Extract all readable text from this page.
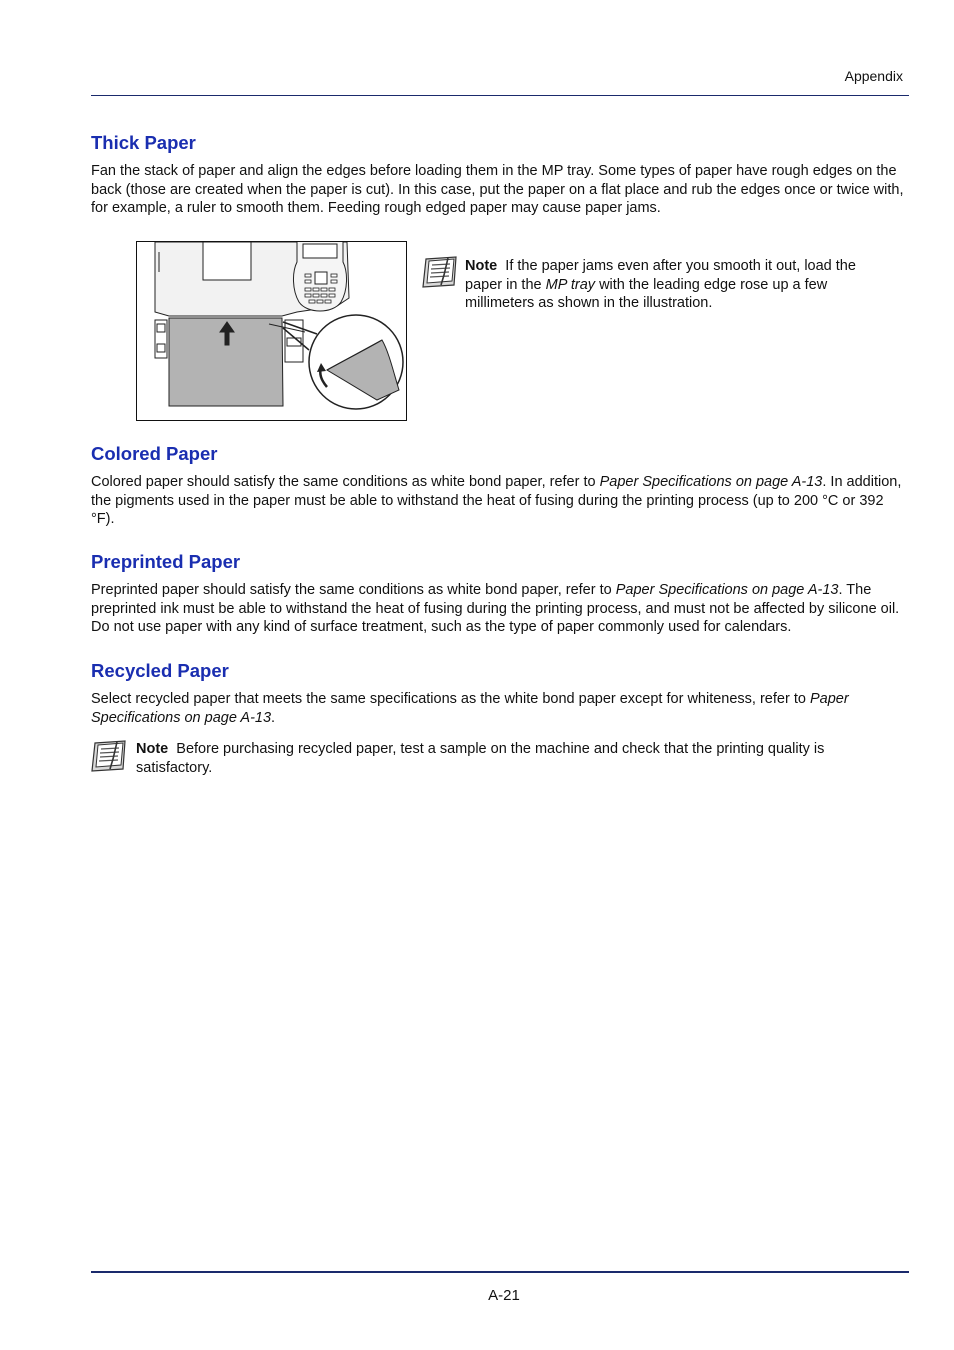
Appendix
Thick Paper

Fan the stack of paper and align the edges before loading them in the MP tray. Some types of paper have rough edges on the back (those are created when the paper is cut). In this case, put the paper on a flat place and rub the edges once or twice with, for example, a ruler to smooth them. Feeding rough edged paper may cause paper jams.

Note If the paper jams even after you smooth it out, load the paper in the MP tray with the leading edge rose up a few millimeters as shown in the illustration.

Colored Paper

Colored paper should satisfy the same conditions as white bond paper, refer to Paper Specifications on page A-13. In addition, the pigments used in the paper must be able to withstand the heat of fusing during the printing process (up to 200 °C or 392 °F).

Preprinted Paper

Preprinted paper should satisfy the same conditions as white bond paper, refer to Paper Specifications on page A-13. The preprinted ink must be able to withstand the heat of fusing during the printing process, and must not be affected by silicone oil. Do not use paper with any kind of surface treatment, such as the type of paper commonly used for calendars.

Recycled Paper

Select recycled paper that meets the same specifications as the white bond paper except for whiteness, refer to Paper Specifications on page A-13.

Note Before purchasing recycled paper, test a sample on the machine and check that the printing quality is satisfactory.

A-21
